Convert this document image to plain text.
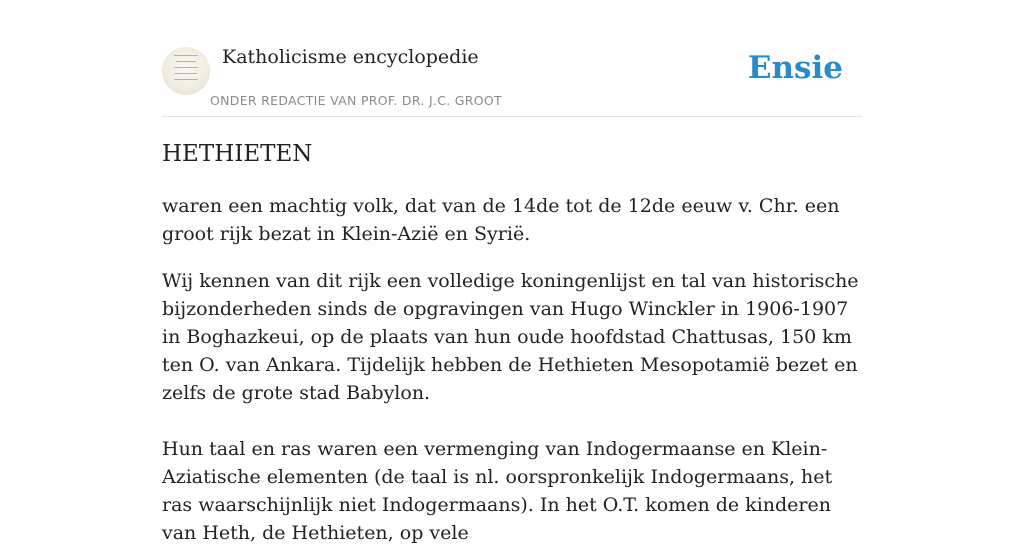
Katholicisme encyclopedie
ONDER REDACTIE VAN PROF. DR. J.C. GROOT
Ensie
HETHIETEN

waren een machtig volk, dat van de 14de tot de 12de eeuw v. Chr. een groot rijk bezat in Klein-Azië en Syrië.

Wij kennen van dit rijk een volledige koningenlijst en tal van historische bijzonderheden sinds de opgravingen van Hugo Winckler in 1906-1907 in Boghazkeui, op de plaats van hun oude hoofdstad Chattusas, 150 km ten O. van Ankara. Tijdelijk hebben de Hethieten Mesopotamië bezet en zelfs de grote stad Babylon.

Hun taal en ras waren een vermenging van Indogermaanse en Klein-Aziatische elementen (de taal is nl. oorspronkelijk Indogermaans, het ras waarschijnlijk niet Indogermaans). In het O.T. komen de kinderen van Heth, de Hethieten, op vele
